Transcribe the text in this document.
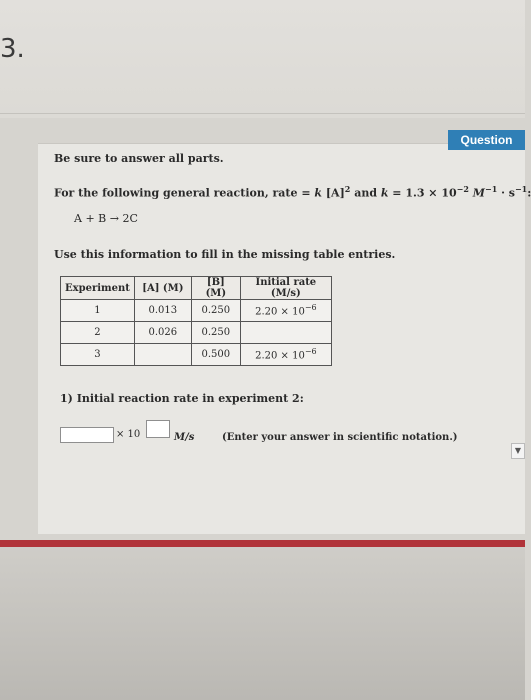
3.
Be sure to answer all parts.
For the following general reaction, rate = k $[A]^2$ and $k = 1.3 \times 10^{-2}$ $M^{-1} \cdot s^{-1}$:
A + B → 2C
Use this information to fill in the missing table entries.
Experiment	[A] (M)	[B] (M)	Initial rate (M/s)
1	0.013	0.250	$2.20 \times 10^{-6}$
2	0.026	0.250	
3		0.500	$2.20 \times 10^{-6}$
1) Initial reaction rate in experiment 2:
× 10	M/s	(Enter your answer in scientific notation.)
Question
▼
